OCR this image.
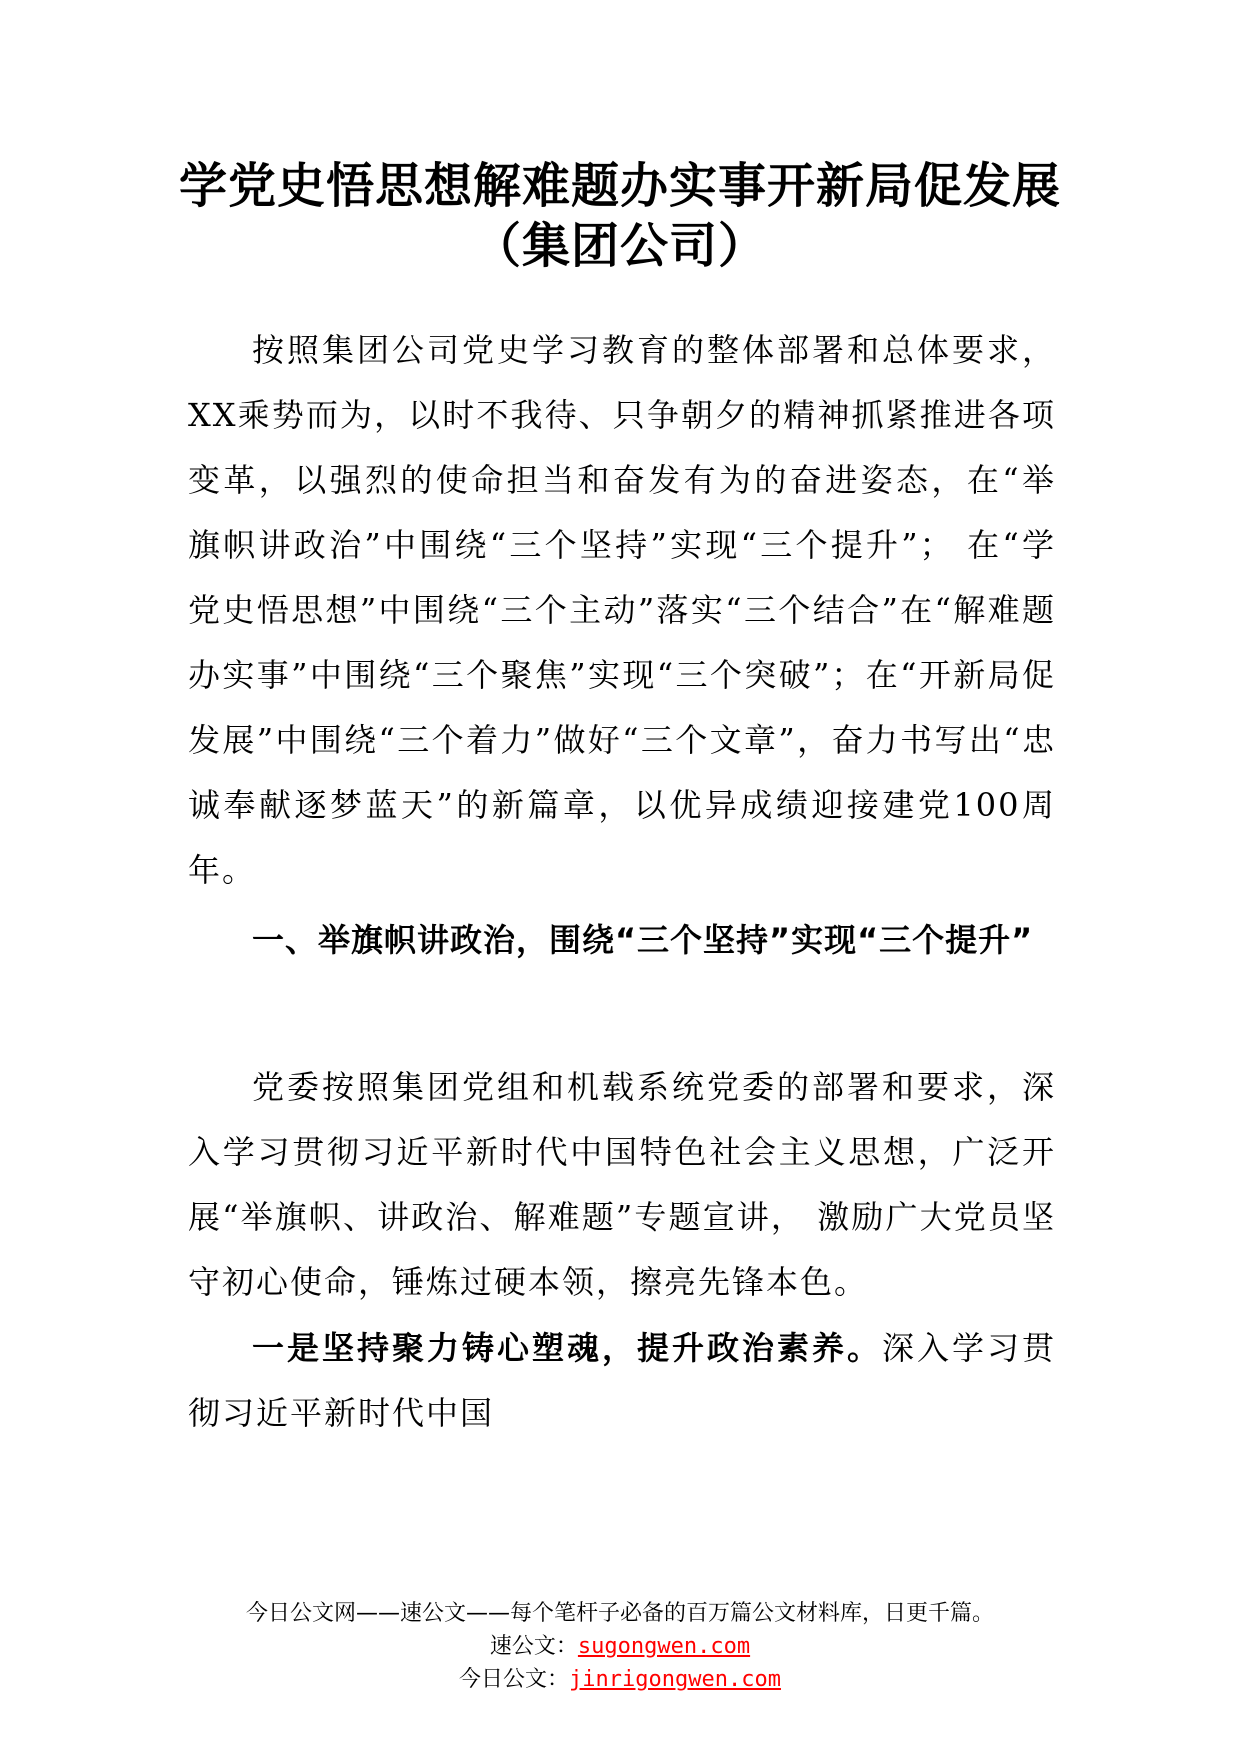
学党史悟思想解难题办实事开新局促发展
（集团公司）

按照集团公司党史学习教育的整体部署和总体要求，XX乘势而为，以时不我待、只争朝夕的精神抓紧推进各项变革，以强烈的使命担当和奋发有为的奋进姿态，在“举旗帜讲政治”中围绕“三个坚持”实现“三个提升”； 在“学党史悟思想”中围绕“三个主动”落实“三个结合”在“解难题办实事”中围绕“三个聚焦”实现“三个突破”；在“开新局促发展”中围绕“三个着力”做好“三个文章”，奋力书写出“忠诚奉献逐梦蓝天”的新篇章，以优异成绩迎接建党100周年。

一、举旗帜讲政治，围绕“三个坚持”实现“三个提升”

党委按照集团党组和机载系统党委的部署和要求，深入学习贯彻习近平新时代中国特色社会主义思想，广泛开展“举旗帜、讲政治、解难题”专题宣讲， 激励广大党员坚守初心使命，锤炼过硬本领，擦亮先锋本色。

一是坚持聚力铸心塑魂，提升政治素养。深入学习贯彻习近平新时代中国

今日公文网——速公文——每个笔杆子必备的百万篇公文材料库，日更千篇。
速公文：sugongwen.com
今日公文：jinrigongwen.com
